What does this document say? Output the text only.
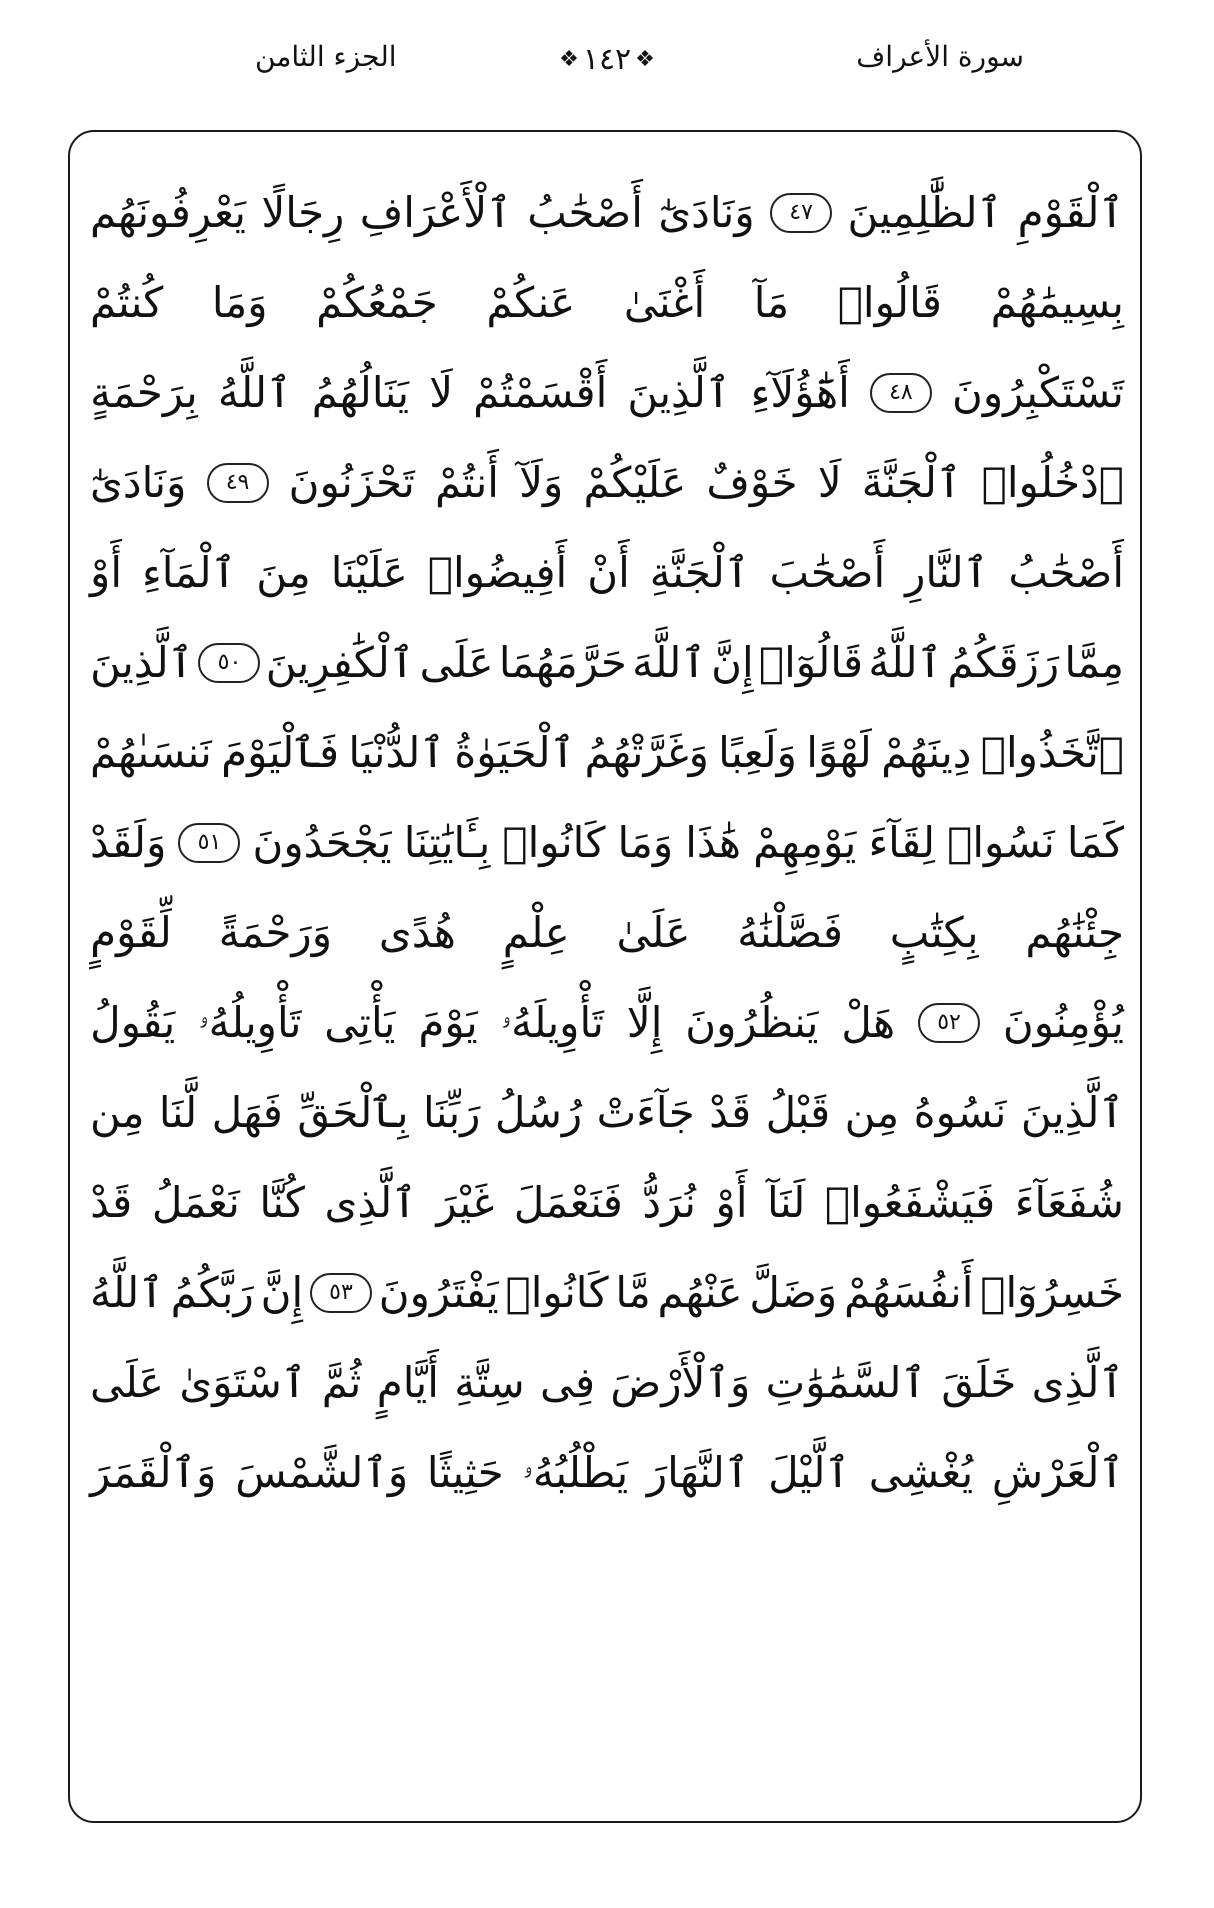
سورة الأعراف
❖ ١٤٢ ❖
الجزء الثامن
ٱلْقَوْمِ
ٱلظَّٰلِمِينَ
٤٧
وَنَادَىٰٓ
أَصْحَٰبُ
ٱلْأَعْرَافِ
رِجَالًا
يَعْرِفُونَهُم
بِسِيمَٰهُمْ
قَالُوا۟
مَآ
أَغْنَىٰ
عَنكُمْ
جَمْعُكُمْ
وَمَا
كُنتُمْ
تَسْتَكْبِرُونَ
٤٨
أَهَٰٓؤُلَآءِ
ٱلَّذِينَ
أَقْسَمْتُمْ
لَا
يَنَالُهُمُ
ٱللَّهُ
بِرَحْمَةٍ
ٱدْخُلُوا۟
ٱلْجَنَّةَ
لَا
خَوْفٌ
عَلَيْكُمْ
وَلَآ
أَنتُمْ
تَحْزَنُونَ
٤٩
وَنَادَىٰٓ
أَصْحَٰبُ
ٱلنَّارِ
أَصْحَٰبَ
ٱلْجَنَّةِ
أَنْ
أَفِيضُوا۟
عَلَيْنَا
مِنَ
ٱلْمَآءِ
أَوْ
مِمَّا
رَزَقَكُمُ
ٱللَّهُ
قَالُوٓا۟
إِنَّ
ٱللَّهَ
حَرَّمَهُمَا
عَلَى
ٱلْكَٰفِرِينَ
٥٠
ٱلَّذِينَ
ٱتَّخَذُوا۟
دِينَهُمْ
لَهْوًا
وَلَعِبًا
وَغَرَّتْهُمُ
ٱلْحَيَوٰةُ
ٱلدُّنْيَا
فَٱلْيَوْمَ
نَنسَىٰهُمْ
كَمَا
نَسُوا۟
لِقَآءَ
يَوْمِهِمْ
هَٰذَا
وَمَا
كَانُوا۟
بِـَٔايَٰتِنَا
يَجْحَدُونَ
٥١
وَلَقَدْ
جِئْنَٰهُم
بِكِتَٰبٍ
فَصَّلْنَٰهُ
عَلَىٰ
عِلْمٍ
هُدًى
وَرَحْمَةً
لِّقَوْمٍ
يُؤْمِنُونَ
٥٢
هَلْ
يَنظُرُونَ
إِلَّا
تَأْوِيلَهُۥ
يَوْمَ
يَأْتِى
تَأْوِيلُهُۥ
يَقُولُ
ٱلَّذِينَ
نَسُوهُ
مِن
قَبْلُ
قَدْ
جَآءَتْ
رُسُلُ
رَبِّنَا
بِٱلْحَقِّ
فَهَل
لَّنَا
مِن
شُفَعَآءَ
فَيَشْفَعُوا۟
لَنَآ
أَوْ
نُرَدُّ
فَنَعْمَلَ
غَيْرَ
ٱلَّذِى
كُنَّا
نَعْمَلُ
قَدْ
خَسِرُوٓا۟
أَنفُسَهُمْ
وَضَلَّ
عَنْهُم
مَّا
كَانُوا۟
يَفْتَرُونَ
٥٣
إِنَّ
رَبَّكُمُ
ٱللَّهُ
ٱلَّذِى
خَلَقَ
ٱلسَّمَٰوَٰتِ
وَٱلْأَرْضَ
فِى
سِتَّةِ
أَيَّامٍ
ثُمَّ
ٱسْتَوَىٰ
عَلَى
ٱلْعَرْشِ
يُغْشِى
ٱلَّيْلَ
ٱلنَّهَارَ
يَطْلُبُهُۥ
حَثِيثًا
وَٱلشَّمْسَ
وَٱلْقَمَرَ
